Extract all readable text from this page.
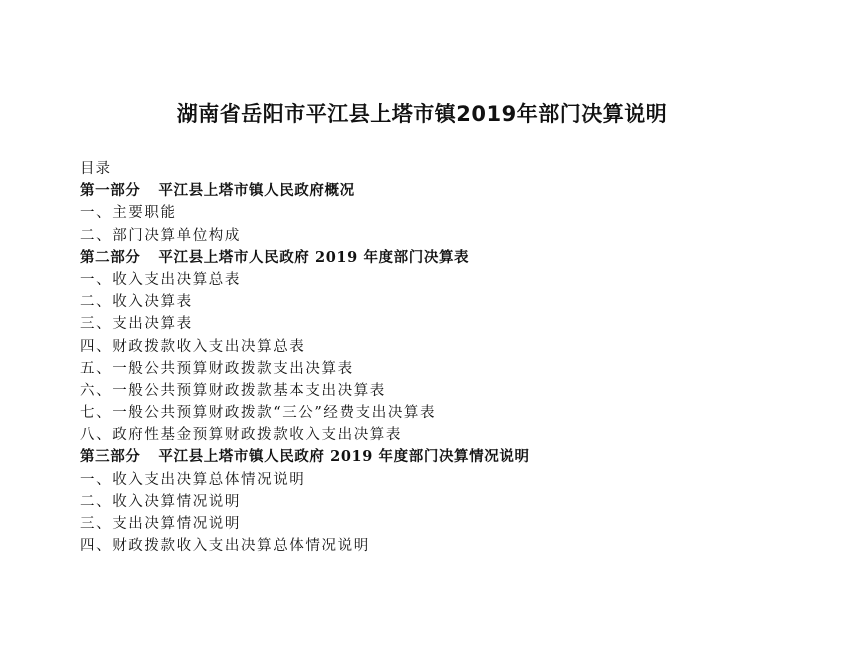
湖南省岳阳市平江县上塔市镇2019年部门决算说明
目录
第一部分 平江县上塔市镇人民政府概况
一、主要职能
二、部门决算单位构成
第二部分 平江县上塔市人民政府 2019 年度部门决算表
一、收入支出决算总表
二、收入决算表
三、支出决算表
四、财政拨款收入支出决算总表
五、一般公共预算财政拨款支出决算表
六、一般公共预算财政拨款基本支出决算表
七、一般公共预算财政拨款“三公”经费支出决算表
八、政府性基金预算财政拨款收入支出决算表
第三部分 平江县上塔市镇人民政府 2019 年度部门决算情况说明
一、收入支出决算总体情况说明
二、收入决算情况说明
三、支出决算情况说明
四、财政拨款收入支出决算总体情况说明
